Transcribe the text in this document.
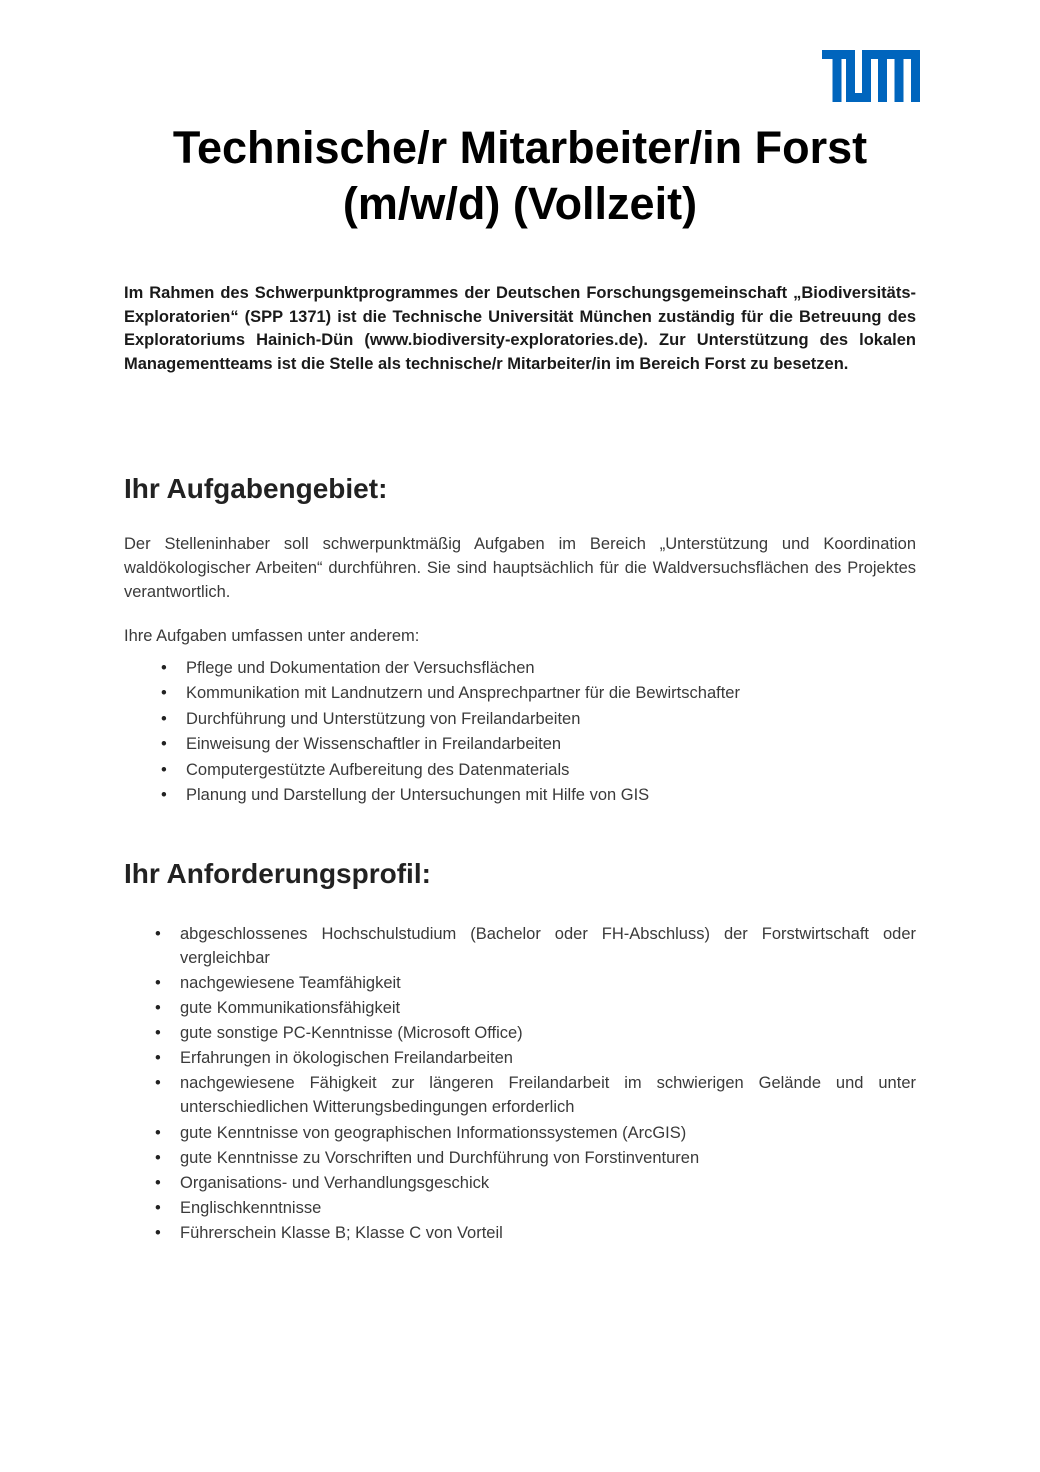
Technische/r Mitarbeiter/in Forst
(m/w/d) (Vollzeit)

Im Rahmen des Schwerpunktprogrammes der Deutschen Forschungsgemeinschaft „Biodiversitäts-Exploratorien“ (SPP 1371) ist die Technische Universität München zuständig für die Betreuung des Exploratoriums Hainich-Dün (www.biodiversity-exploratories.de). Zur Unterstützung des lokalen Managementteams ist die Stelle als technische/r Mitarbeiter/in im Bereich Forst zu besetzen.

Ihr Aufgabengebiet:

Der Stelleninhaber soll schwerpunktmäßig Aufgaben im Bereich „Unterstützung und Koordination waldökologischer Arbeiten“ durchführen. Sie sind hauptsächlich für die Waldversuchsflächen des Projektes verantwortlich.

Ihre Aufgaben umfassen unter anderem:

• Pflege und Dokumentation der Versuchsflächen
• Kommunikation mit Landnutzern und Ansprechpartner für die Bewirtschafter
• Durchführung und Unterstützung von Freilandarbeiten
• Einweisung der Wissenschaftler in Freilandarbeiten
• Computergestützte Aufbereitung des Datenmaterials
• Planung und Darstellung der Untersuchungen mit Hilfe von GIS
Ihr Anforderungsprofil:
• abgeschlossenes Hochschulstudium (Bachelor oder FH-Abschluss) der Forstwirtschaft oder vergleichbar
• nachgewiesene Teamfähigkeit
• gute Kommunikationsfähigkeit
• gute sonstige PC-Kenntnisse (Microsoft Office)
• Erfahrungen in ökologischen Freilandarbeiten
• nachgewiesene Fähigkeit zur längeren Freilandarbeit im schwierigen Gelände und unter unterschiedlichen Witterungsbedingungen erforderlich
• gute Kenntnisse von geographischen Informationssystemen (ArcGIS)
• gute Kenntnisse zu Vorschriften und Durchführung von Forstinventuren
• Organisations- und Verhandlungsgeschick
• Englischkenntnisse
• Führerschein Klasse B; Klasse C von Vorteil
